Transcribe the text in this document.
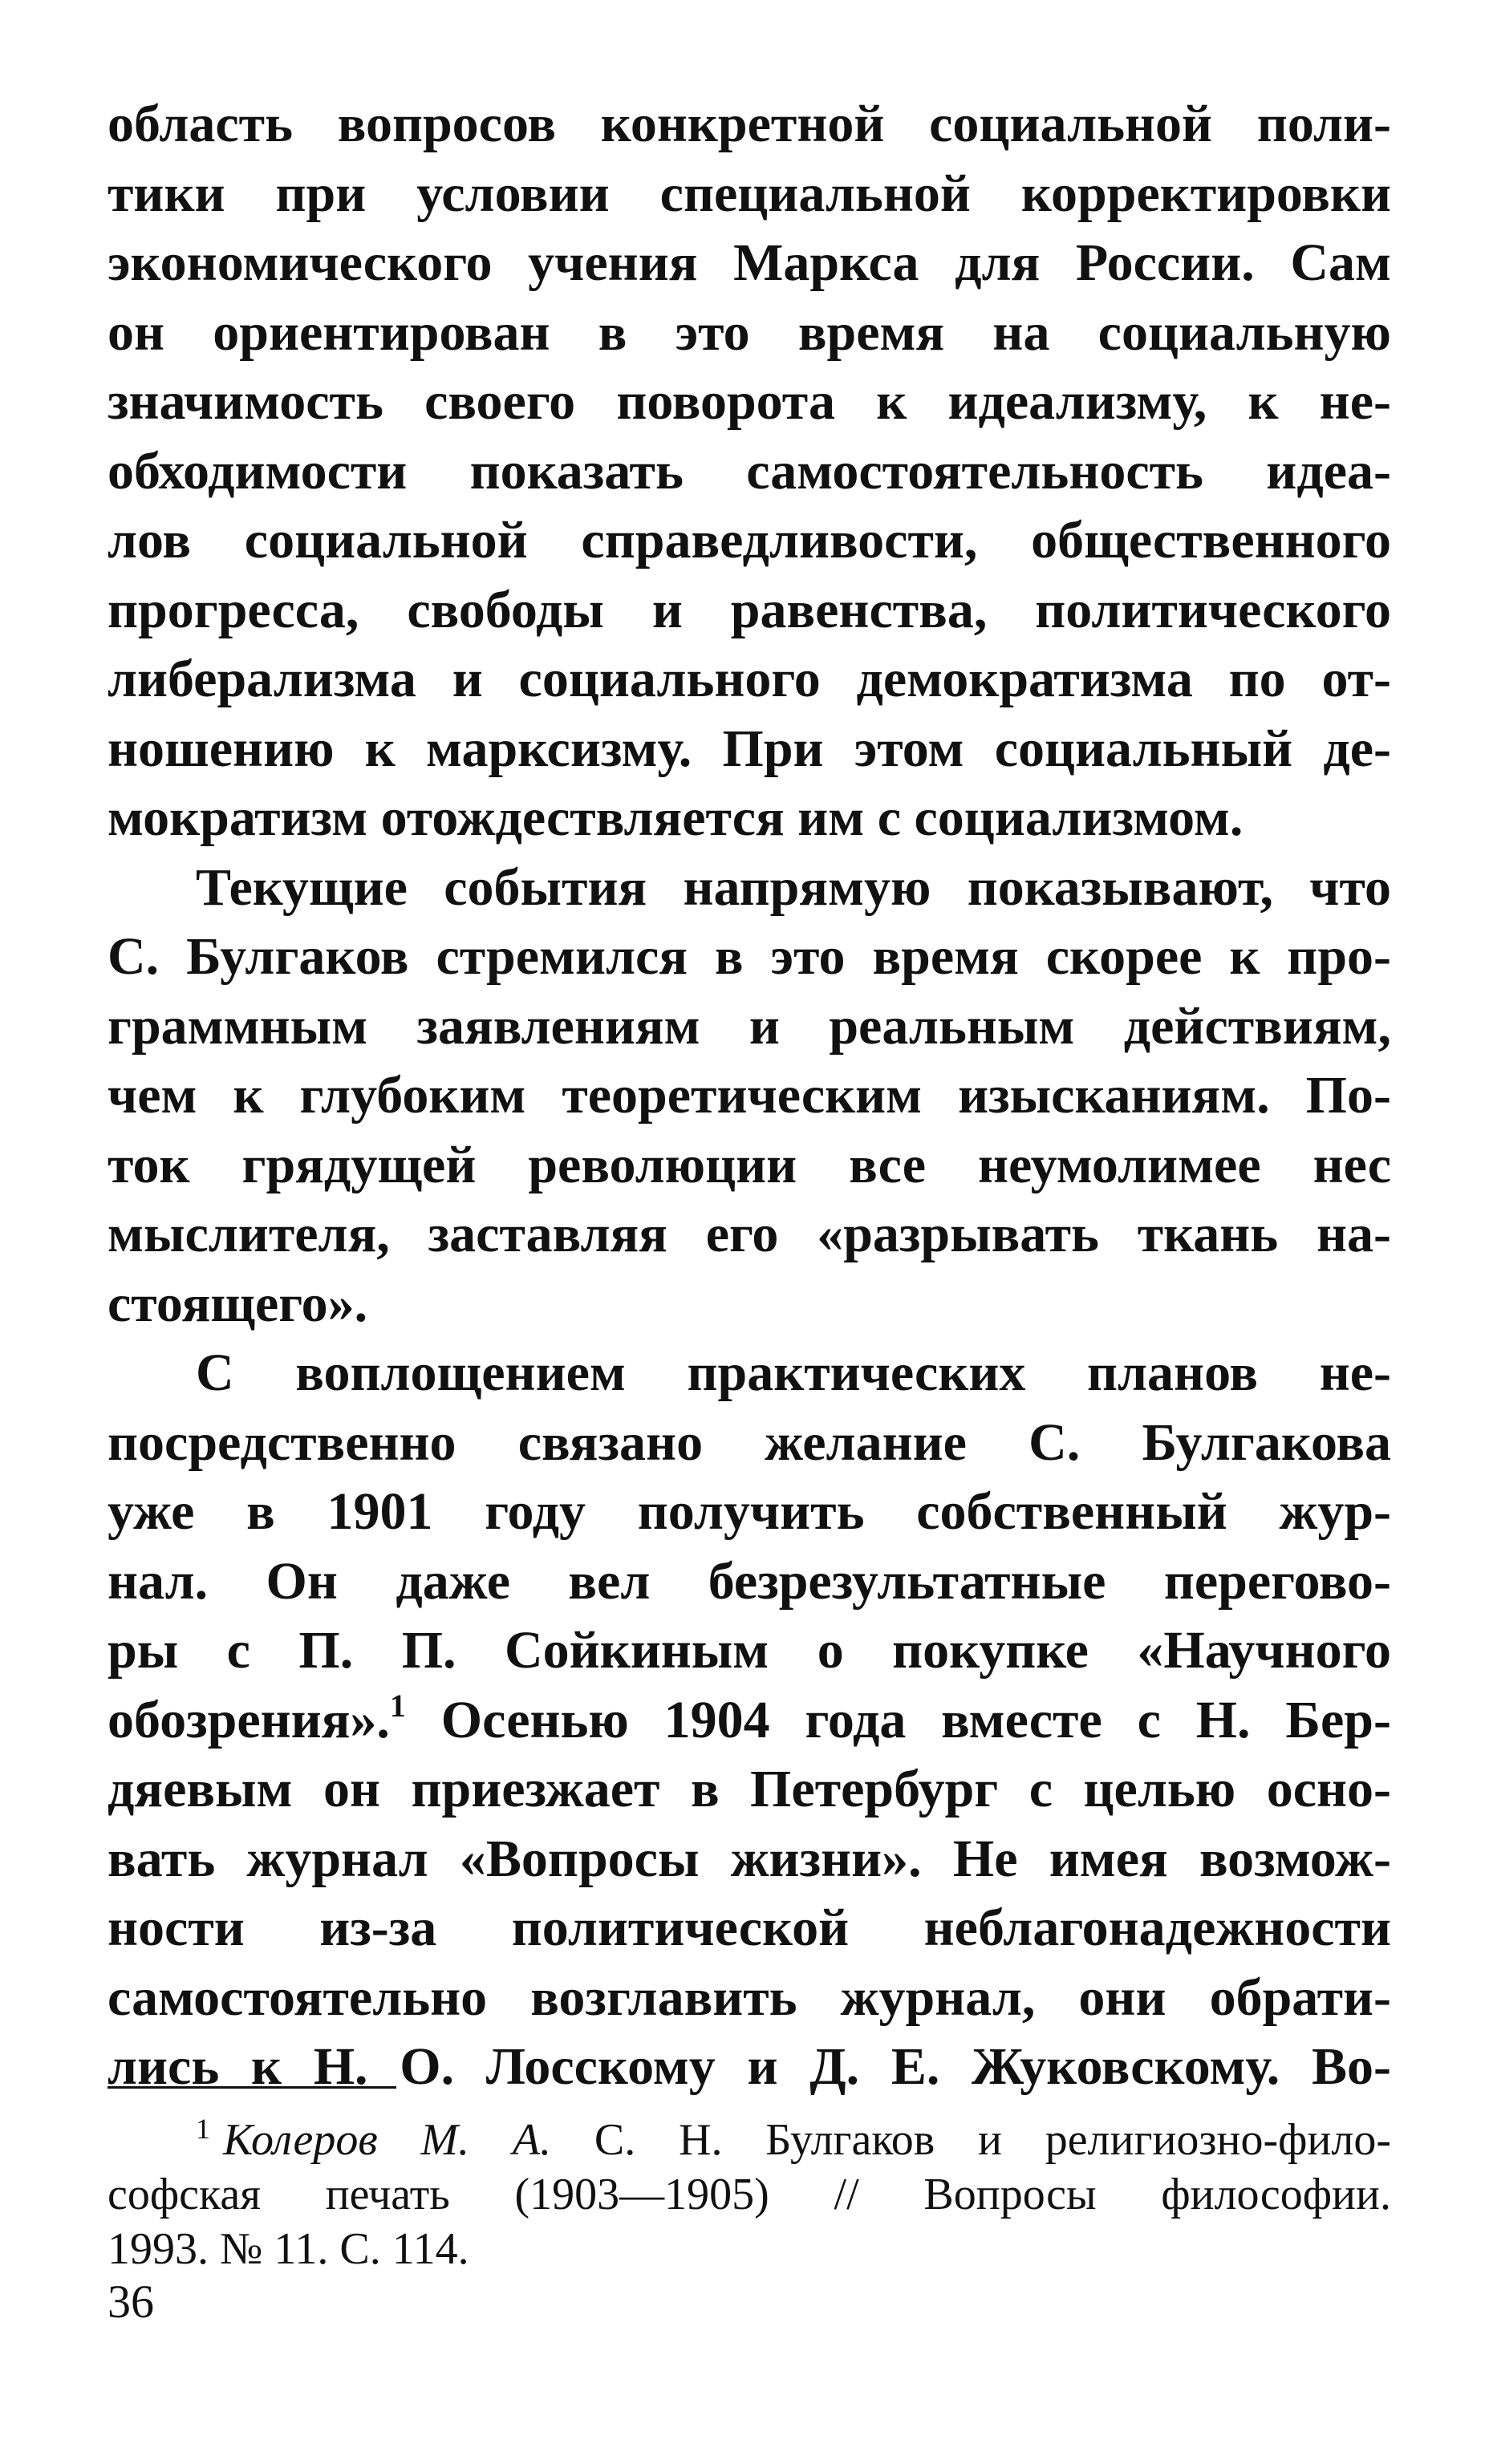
область вопросов конкретной социальной поли-
тики при условии специальной корректировки
экономического учения Маркса для России. Сам
он ориентирован в это время на социальную
значимость своего поворота к идеализму, к не-
обходимости показать самостоятельность идеа-
лов социальной справедливости, общественного
прогресса, свободы и равенства, политического
либерализма и социального демократизма по от-
ношению к марксизму. При этом социальный де-
мократизм отождествляется им с социализмом.
Текущие события напрямую показывают, что
С. Булгаков стремился в это время скорее к про-
граммным заявлениям и реальным действиям,
чем к глубоким теоретическим изысканиям. По-
ток грядущей революции все неумолимее нес
мыслителя, заставляя его «разрывать ткань на-
стоящего».
С воплощением практических планов не-
посредственно связано желание С. Булгакова
уже в 1901 году получить собственный жур-
нал. Он даже вел безрезультатные перегово-
ры с П. П. Сойкиным о покупке «Научного
обозрения».$^1$ Осенью 1904 года вместе с Н. Бер-
дяевым он приезжает в Петербург с целью осно-
вать журнал «Вопросы жизни». Не имея возмож-
ности из-за политической неблагонадежности
самостоятельно возглавить журнал, они обрати-
лись к Н. О. Лосскому и Д. Е. Жуковскому. Во-
$^1$ Колеров М. А. С. Н. Булгаков и религиозно-фило-
софская печать (1903—1905) // Вопросы философии.
1993. № 11. С. 114.
36
